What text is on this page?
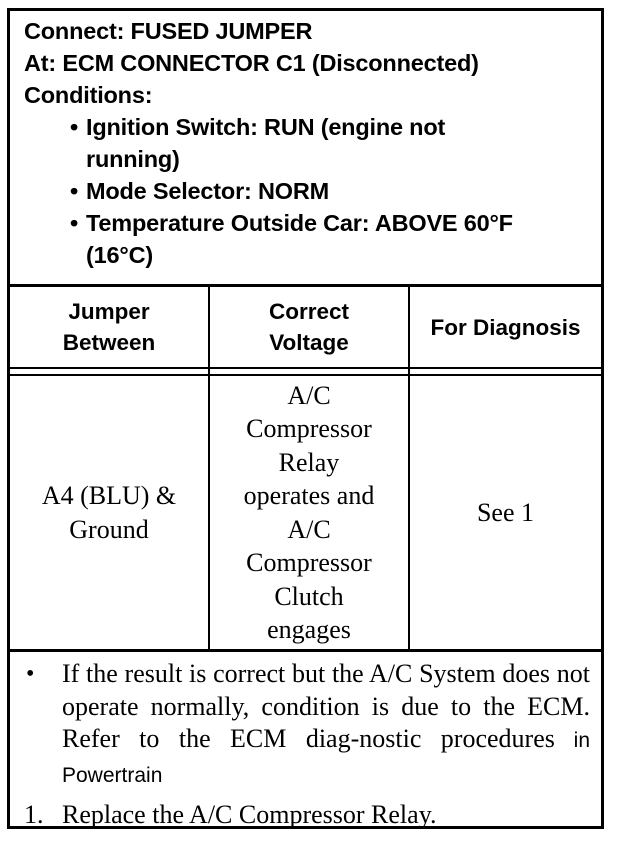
Connect: FUSED JUMPER
At: ECM CONNECTOR C1 (Disconnected)
Conditions:
• Ignition Switch: RUN (engine not
running)
• Mode Selector: NORM
• Temperature Outside Car: ABOVE 60°F
(16°C)
Jumper
Between
Correct
Voltage
For Diagnosis
A4 (BLU) &
Ground
A/C
Compressor
Relay
operates and
A/C
Compressor
Clutch
engages
See 1
• If the result is correct but the A/C System does not operate normally, condition is due to the ECM. Refer to the ECM diag-nostic procedures in Powertrain
1. Replace the A/C Compressor Relay.
